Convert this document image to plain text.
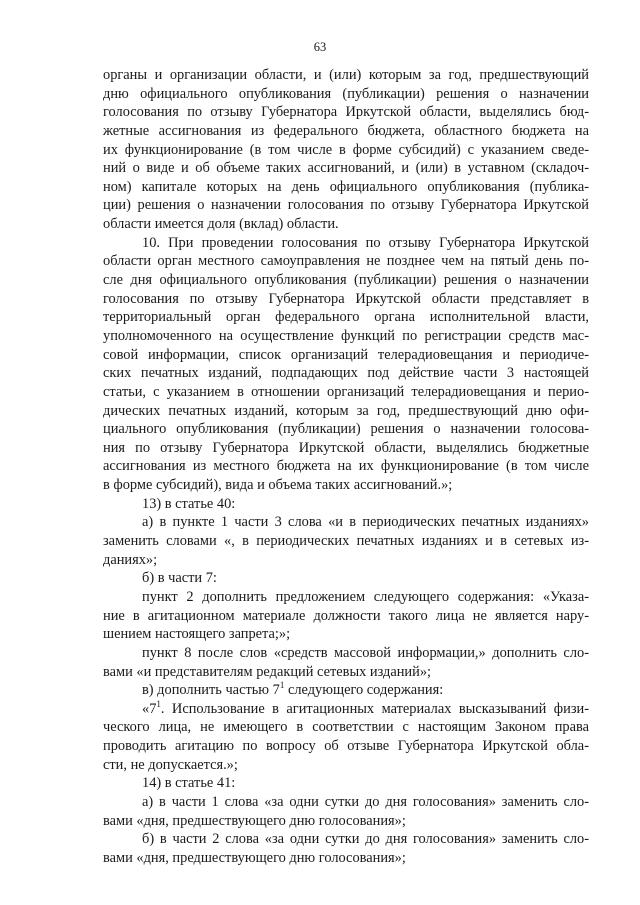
63
органы и организации области, и (или) которым за год, предшествующий
дню официального опубликования (публикации) решения о назначении
голосования по отзыву Губернатора Иркутской области, выделялись бюд-
жетные ассигнования из федерального бюджета, областного бюджета на
их функционирование (в том числе в форме субсидий) с указанием сведе-
ний о виде и об объеме таких ассигнований, и (или) в уставном (складоч-
ном) капитале которых на день официального опубликования (публика-
ции) решения о назначении голосования по отзыву Губернатора Иркутской
области имеется доля (вклад) области.
10. При проведении голосования по отзыву Губернатора Иркутской
области орган местного самоуправления не позднее чем на пятый день по-
сле дня официального опубликования (публикации) решения о назначении
голосования по отзыву Губернатора Иркутской области представляет в
территориальный орган федерального органа исполнительной власти,
уполномоченного на осуществление функций по регистрации средств мас-
совой информации, список организаций телерадиовещания и периодиче-
ских печатных изданий, подпадающих под действие части 3 настоящей
статьи, с указанием в отношении организаций телерадиовещания и перио-
дических печатных изданий, которым за год, предшествующий дню офи-
циального опубликования (публикации) решения о назначении голосова-
ния по отзыву Губернатора Иркутской области, выделялись бюджетные
ассигнования из местного бюджета на их функционирование (в том числе
в форме субсидий), вида и объема таких ассигнований.»;
13) в статье 40:
а) в пункте 1 части 3 слова «и в периодических печатных изданиях»
заменить словами «, в периодических печатных изданиях и в сетевых из-
даниях»;
б) в части 7:
пункт 2 дополнить предложением следующего содержания: «Указа-
ние в агитационном материале должности такого лица не является нару-
шением настоящего запрета;»;
пункт 8 после слов «средств массовой информации,» дополнить сло-
вами «и представителям редакций сетевых изданий»;
в) дополнить частью $7^1$ следующего содержания:
«$7^1$. Использование в агитационных материалах высказываний физи-
ческого лица, не имеющего в соответствии с настоящим Законом права
проводить агитацию по вопросу об отзыве Губернатора Иркутской обла-
сти, не допускается.»;
14) в статье 41:
а) в части 1 слова «за одни сутки до дня голосования» заменить сло-
вами «дня, предшествующего дню голосования»;
б) в части 2 слова «за одни сутки до дня голосования» заменить сло-
вами «дня, предшествующего дню голосования»;
